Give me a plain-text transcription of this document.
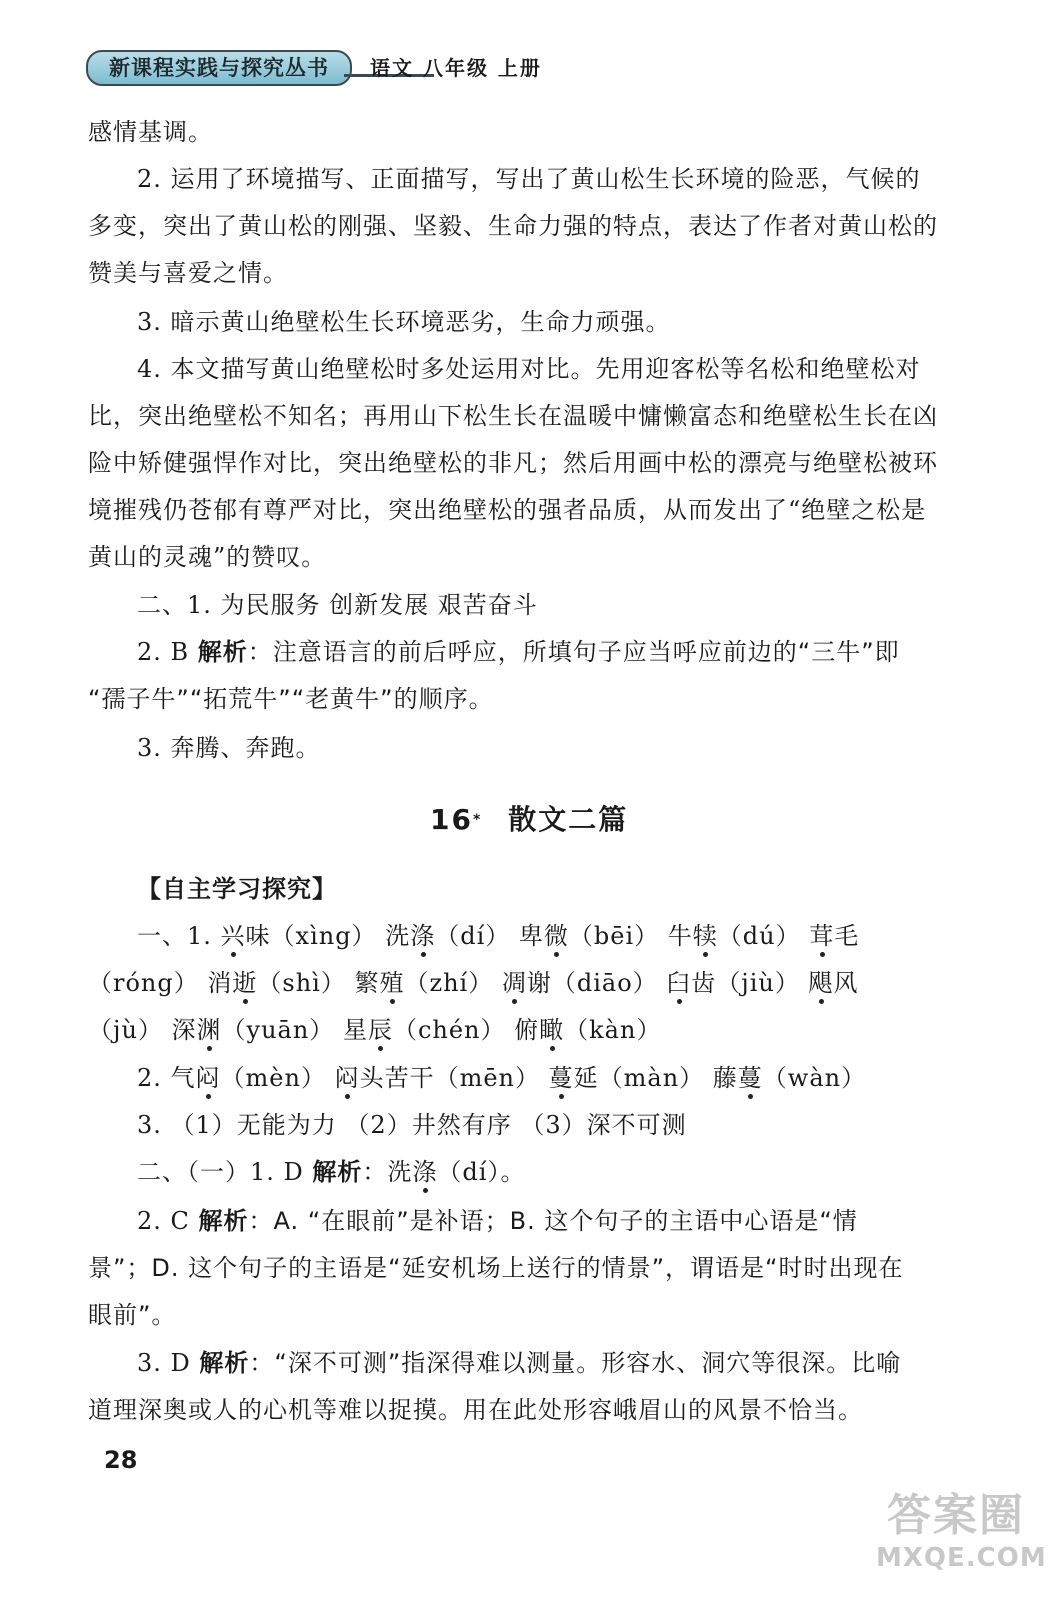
新课程实践与探究丛书	语文 八年级 上册
感情基调。
2. 运用了环境描写、正面描写，写出了黄山松生长环境的险恶，气候的
多变，突出了黄山松的刚强、坚毅、生命力强的特点，表达了作者对黄山松的
赞美与喜爱之情。
3. 暗示黄山绝壁松生长环境恶劣，生命力顽强。
4. 本文描写黄山绝壁松时多处运用对比。先用迎客松等名松和绝壁松对
比，突出绝壁松不知名；再用山下松生长在温暖中慵懒富态和绝壁松生长在凶
险中矫健强悍作对比，突出绝壁松的非凡；然后用画中松的漂亮与绝壁松被环
境摧残仍苍郁有尊严对比，突出绝壁松的强者品质，从而发出了“绝壁之松是
黄山的灵魂”的赞叹。
二、1. 为民服务 创新发展 艰苦奋斗
2. B 解析：注意语言的前后呼应，所填句子应当呼应前边的“三牛”即
“孺子牛”“拓荒牛”“老黄牛”的顺序。
3. 奔腾、奔跑。
16* 散文二篇
【自主学习探究】
一、1. 兴味（xìng） 洗涤（dí） 卑微（bēi） 牛犊（dú） 茸毛
（róng） 消逝（shì） 繁殖（zhí） 凋谢（diāo） 臼齿（jiù） 飓风
（jù） 深渊（yuān） 星辰（chén） 俯瞰（kàn）
2. 气闷（mèn） 闷头苦干（mēn） 蔓延（màn） 藤蔓（wàn）
3. （1）无能为力 （2）井然有序 （3）深不可测
二、（一）1. D 解析：洗涤（dí）。
2. C 解析：A. “在眼前”是补语；B. 这个句子的主语中心语是“情
景”；D. 这个句子的主语是“延安机场上送行的情景”，谓语是“时时出现在
眼前”。
3. D 解析：“深不可测”指深得难以测量。形容水、洞穴等很深。比喻
道理深奥或人的心机等难以捉摸。用在此处形容峨眉山的风景不恰当。
28
答案圈
MXQE.COM
